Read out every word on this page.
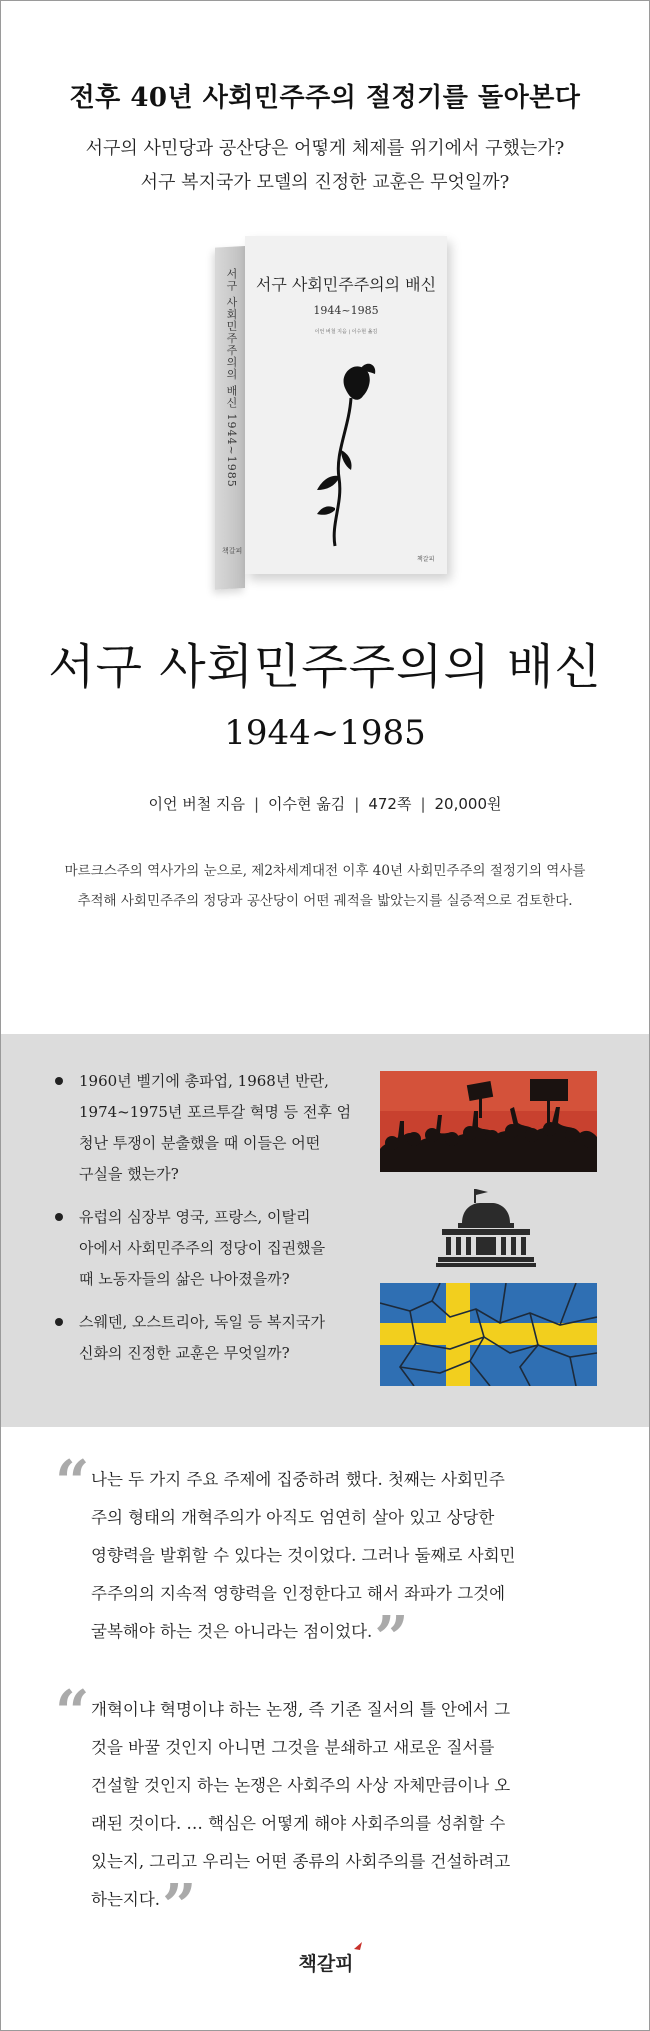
전후 40년 사회민주주의 절정기를 돌아본다
서구의 사민당과 공산당은 어떻게 체제를 위기에서 구했는가?
서구 복지국가 모델의 진정한 교훈은 무엇일까?
서구 사회민주주의의 배신 1944~1985
책갈피
서구 사회민주주의의 배신
1944~1985
이언 버철 지음 | 이수현 옮김
책갈피
서구 사회민주주의의 배신
1944~1985
이언 버철 지음 | 이수현 옮김 | 472쪽 | 20,000원
마르크스주의 역사가의 눈으로, 제2차세계대전 이후 40년 사회민주주의 절정기의 역사를
추적해 사회민주주의 정당과 공산당이 어떤 궤적을 밟았는지를 실증적으로 검토한다.
1960년 벨기에 총파업, 1968년 반란,
1974~1975년 포르투갈 혁명 등 전후 엄
청난 투쟁이 분출했을 때 이들은 어떤
구실을 했는가?
유럽의 심장부 영국, 프랑스, 이탈리
아에서 사회민주주의 정당이 집권했을
때 노동자들의 삶은 나아졌을까?
스웨덴, 오스트리아, 독일 등 복지국가
신화의 진정한 교훈은 무엇일까?
“ 나는 두 가지 주요 주제에 집중하려 했다. 첫째는 사회민주
주의 형태의 개혁주의가 아직도 엄연히 살아 있고 상당한
영향력을 발휘할 수 있다는 것이었다. 그러나 둘째로 사회민
주주의의 지속적 영향력을 인정한다고 해서 좌파가 그것에
굴복해야 하는 것은 아니라는 점이었다.”
“ 개혁이냐 혁명이냐 하는 논쟁, 즉 기존 질서의 틀 안에서 그
것을 바꿀 것인지 아니면 그것을 분쇄하고 새로운 질서를
건설할 것인지 하는 논쟁은 사회주의 사상 자체만큼이나 오
래된 것이다. … 핵심은 어떻게 해야 사회주의를 성취할 수
있는지, 그리고 우리는 어떤 종류의 사회주의를 건설하려고
하는지다.”
책갈피
